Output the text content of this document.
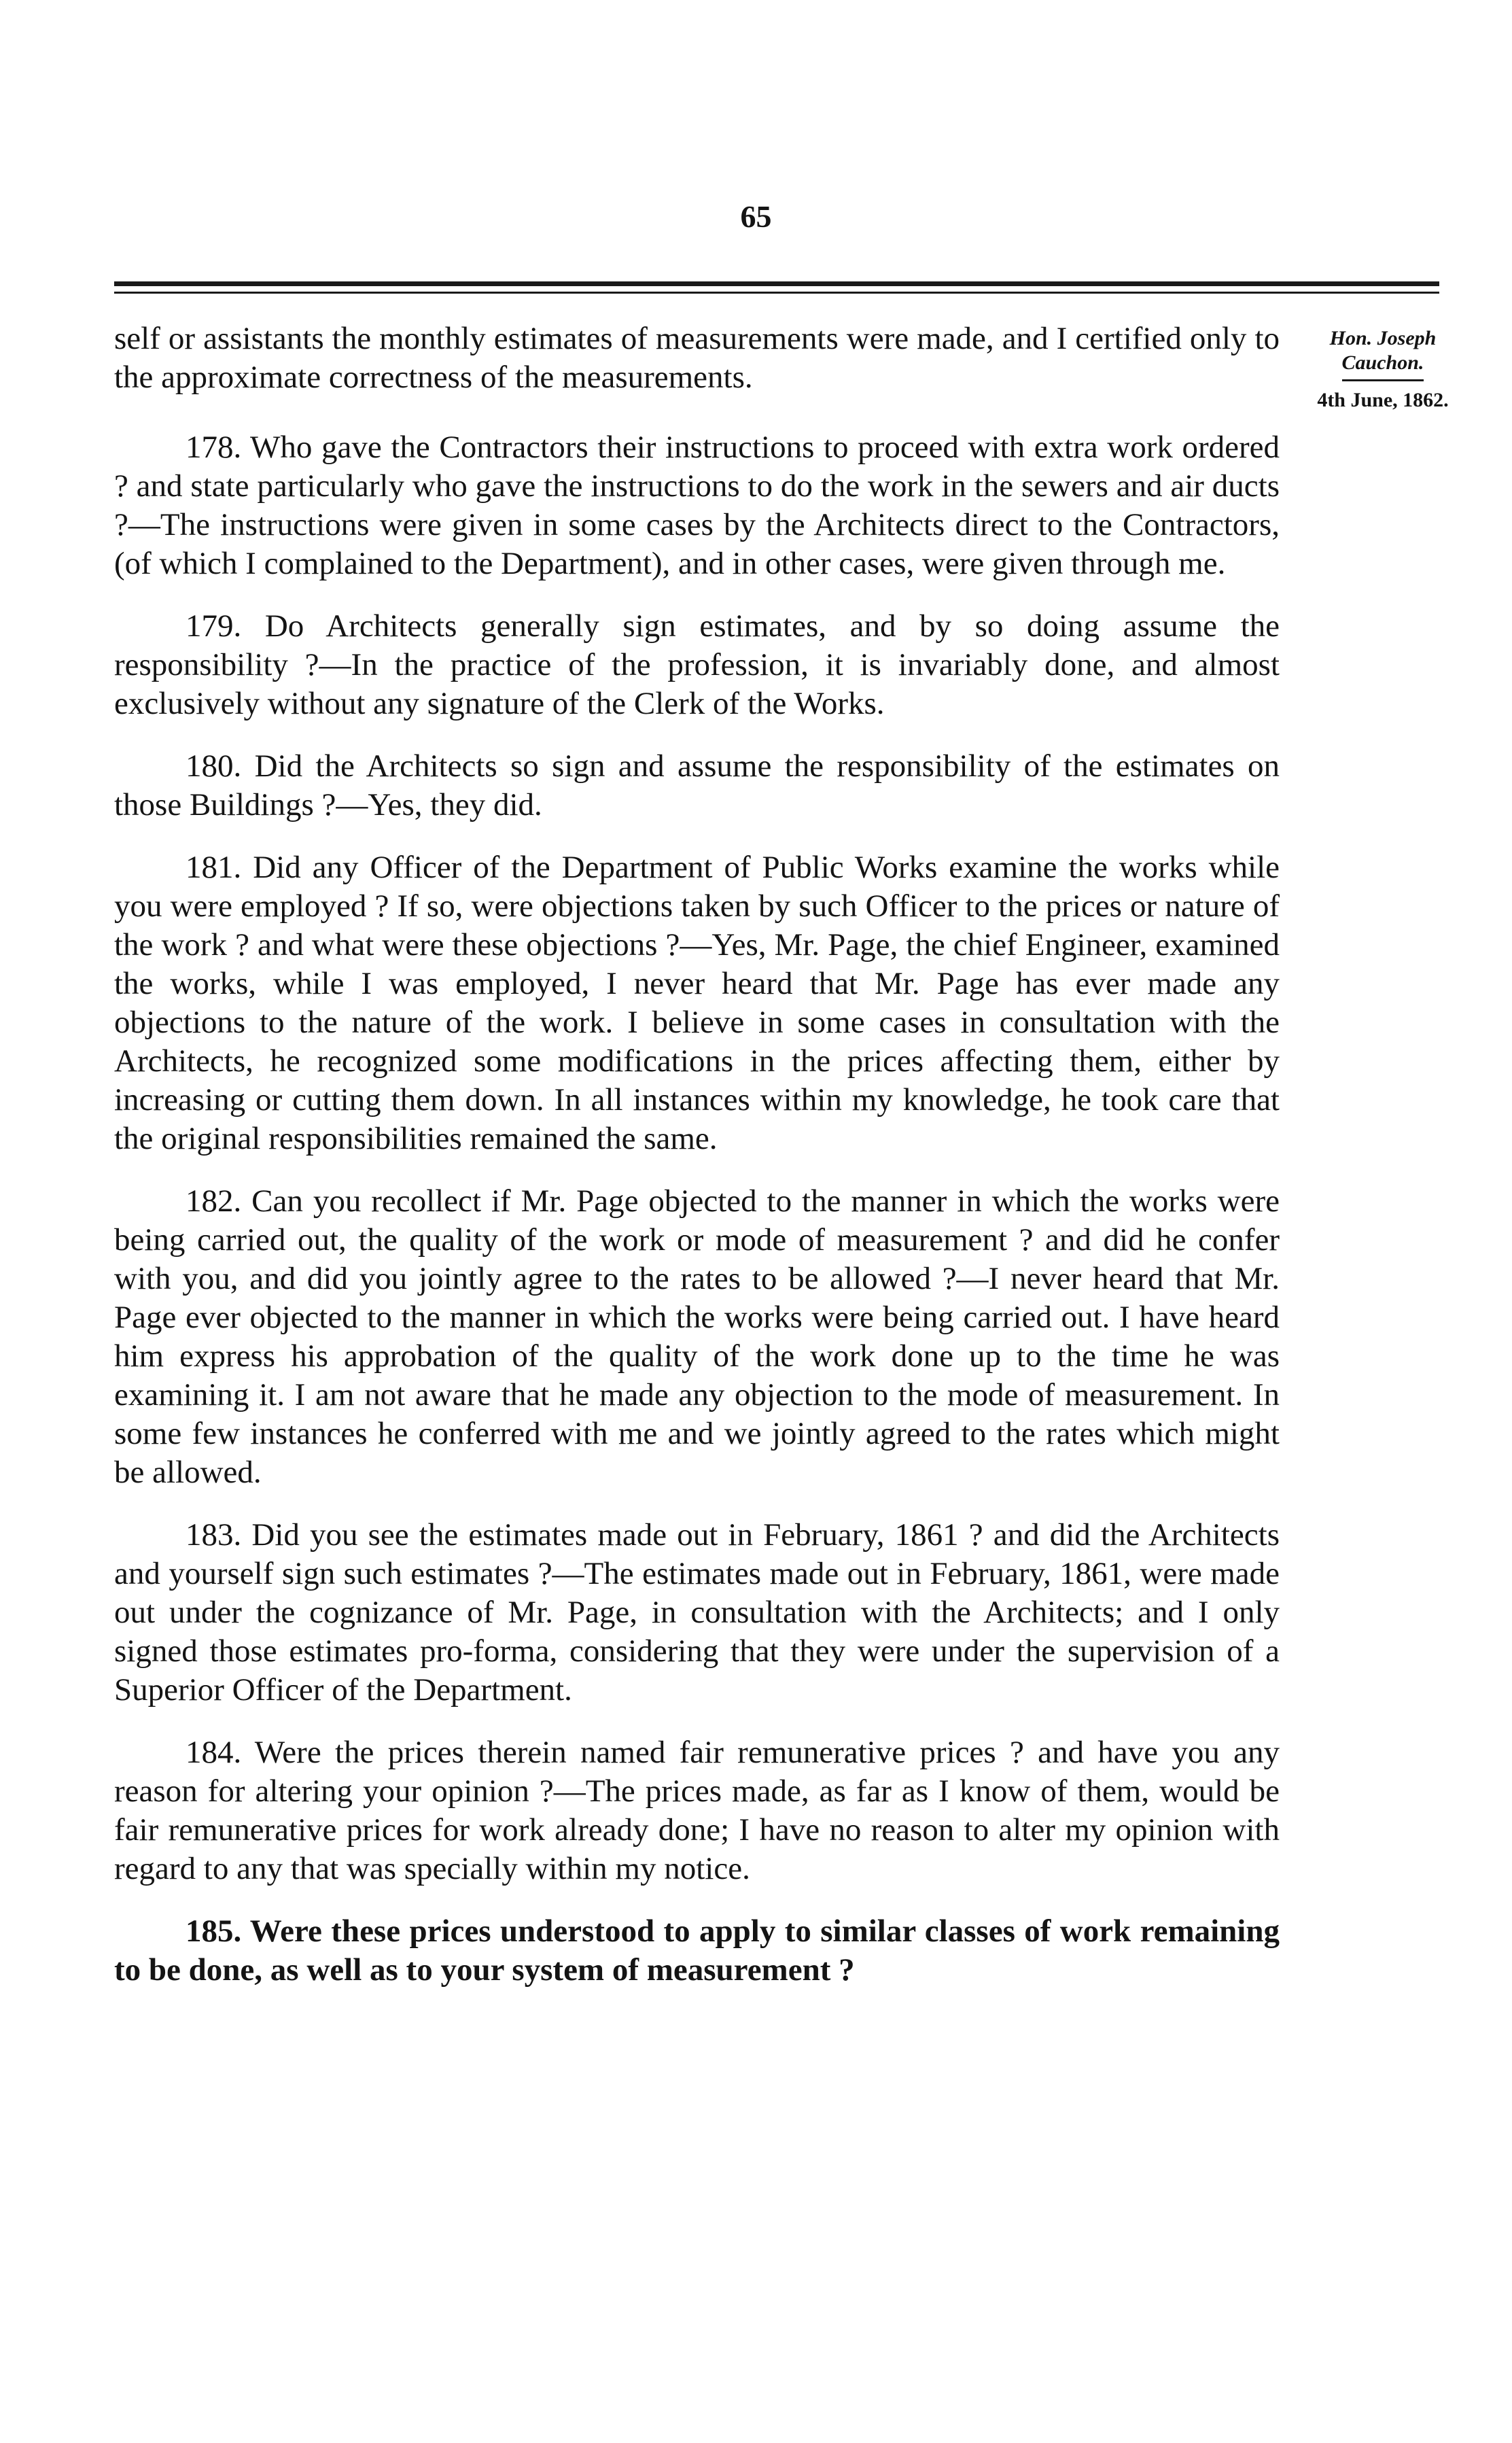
65
Hon. Joseph
Cauchon.
4th June, 1862.

self or assistants the monthly estimates of measurements were made, and I certified only to the approximate correctness of the measurements.

178. Who gave the Contractors their instructions to proceed with extra work ordered ? and state particularly who gave the instructions to do the work in the sewers and air ducts ?—The instructions were given in some cases by the Architects direct to the Contractors, (of which I complained to the Department), and in other cases, were given through me.

179. Do Architects generally sign estimates, and by so doing assume the responsibility ?—In the practice of the profession, it is invariably done, and almost exclusively without any signature of the Clerk of the Works.

180. Did the Architects so sign and assume the responsibility of the estimates on those Buildings ?—Yes, they did.

181. Did any Officer of the Department of Public Works examine the works while you were employed ? If so, were objections taken by such Officer to the prices or nature of the work ? and what were these objections ?—Yes, Mr. Page, the chief Engineer, examined the works, while I was employed, I never heard that Mr. Page has ever made any objections to the nature of the work. I believe in some cases in consultation with the Architects, he recognized some modifications in the prices affecting them, either by increasing or cutting them down. In all instances within my knowledge, he took care that the original responsibilities remained the same.

182. Can you recollect if Mr. Page objected to the manner in which the works were being carried out, the quality of the work or mode of measurement ? and did he confer with you, and did you jointly agree to the rates to be allowed ?—I never heard that Mr. Page ever objected to the manner in which the works were being carried out. I have heard him express his approbation of the quality of the work done up to the time he was examining it. I am not aware that he made any objection to the mode of measurement. In some few instances he conferred with me and we jointly agreed to the rates which might be allowed.

183. Did you see the estimates made out in February, 1861 ? and did the Architects and yourself sign such estimates ?—The estimates made out in February, 1861, were made out under the cognizance of Mr. Page, in consultation with the Architects; and I only signed those estimates pro-forma, considering that they were under the supervision of a Superior Officer of the Department.

184. Were the prices therein named fair remunerative prices ? and have you any reason for altering your opinion ?—The prices made, as far as I know of them, would be fair remunerative prices for work already done; I have no reason to alter my opinion with regard to any that was specially within my notice.

185. Were these prices understood to apply to similar classes of work remaining to be done, as well as to your system of measurement ?
